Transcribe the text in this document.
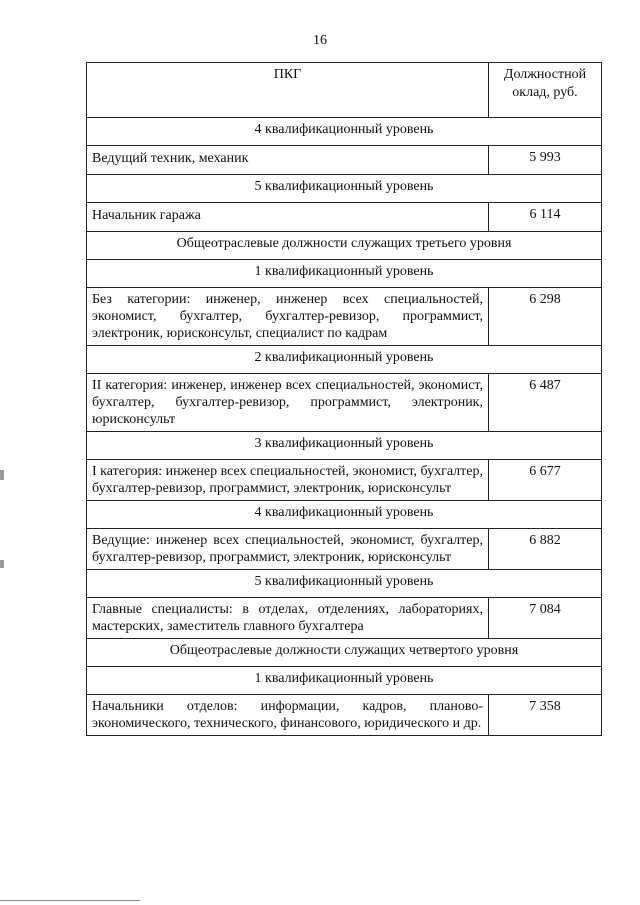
16
ПКГ	Должностной оклад, руб.
4 квалификационный уровень	
Ведущий техник, механик	5 993
5 квалификационный уровень	
Начальник гаража	6 114
Общеотраслевые должности служащих третьего уровня	
1 квалификационный уровень	
Без категории: инженер, инженер всех специальностей, экономист, бухгалтер, бухгалтер-ревизор, программист, электроник, юрисконсульт, специалист по кадрам	6 298
2 квалификационный уровень	
II категория: инженер, инженер всех специальностей, экономист, бухгалтер, бухгалтер-ревизор, программист, электроник, юрисконсульт	6 487
3 квалификационный уровень	
I категория: инженер всех специальностей, экономист, бухгалтер, бухгалтер-ревизор, программист, электроник, юрисконсульт	6 677
4 квалификационный уровень	
Ведущие: инженер всех специальностей, экономист, бухгалтер, бухгалтер-ревизор, программист, электроник, юрисконсульт	6 882
5 квалификационный уровень	
Главные специалисты: в отделах, отделениях, лабораториях, мастерских, заместитель главного бухгалтера	7 084
Общеотраслевые должности служащих четвертого уровня	
1 квалификационный уровень	
Начальники отделов: информации, кадров, планово-экономического, технического, финансового, юридического и др.	7 358
